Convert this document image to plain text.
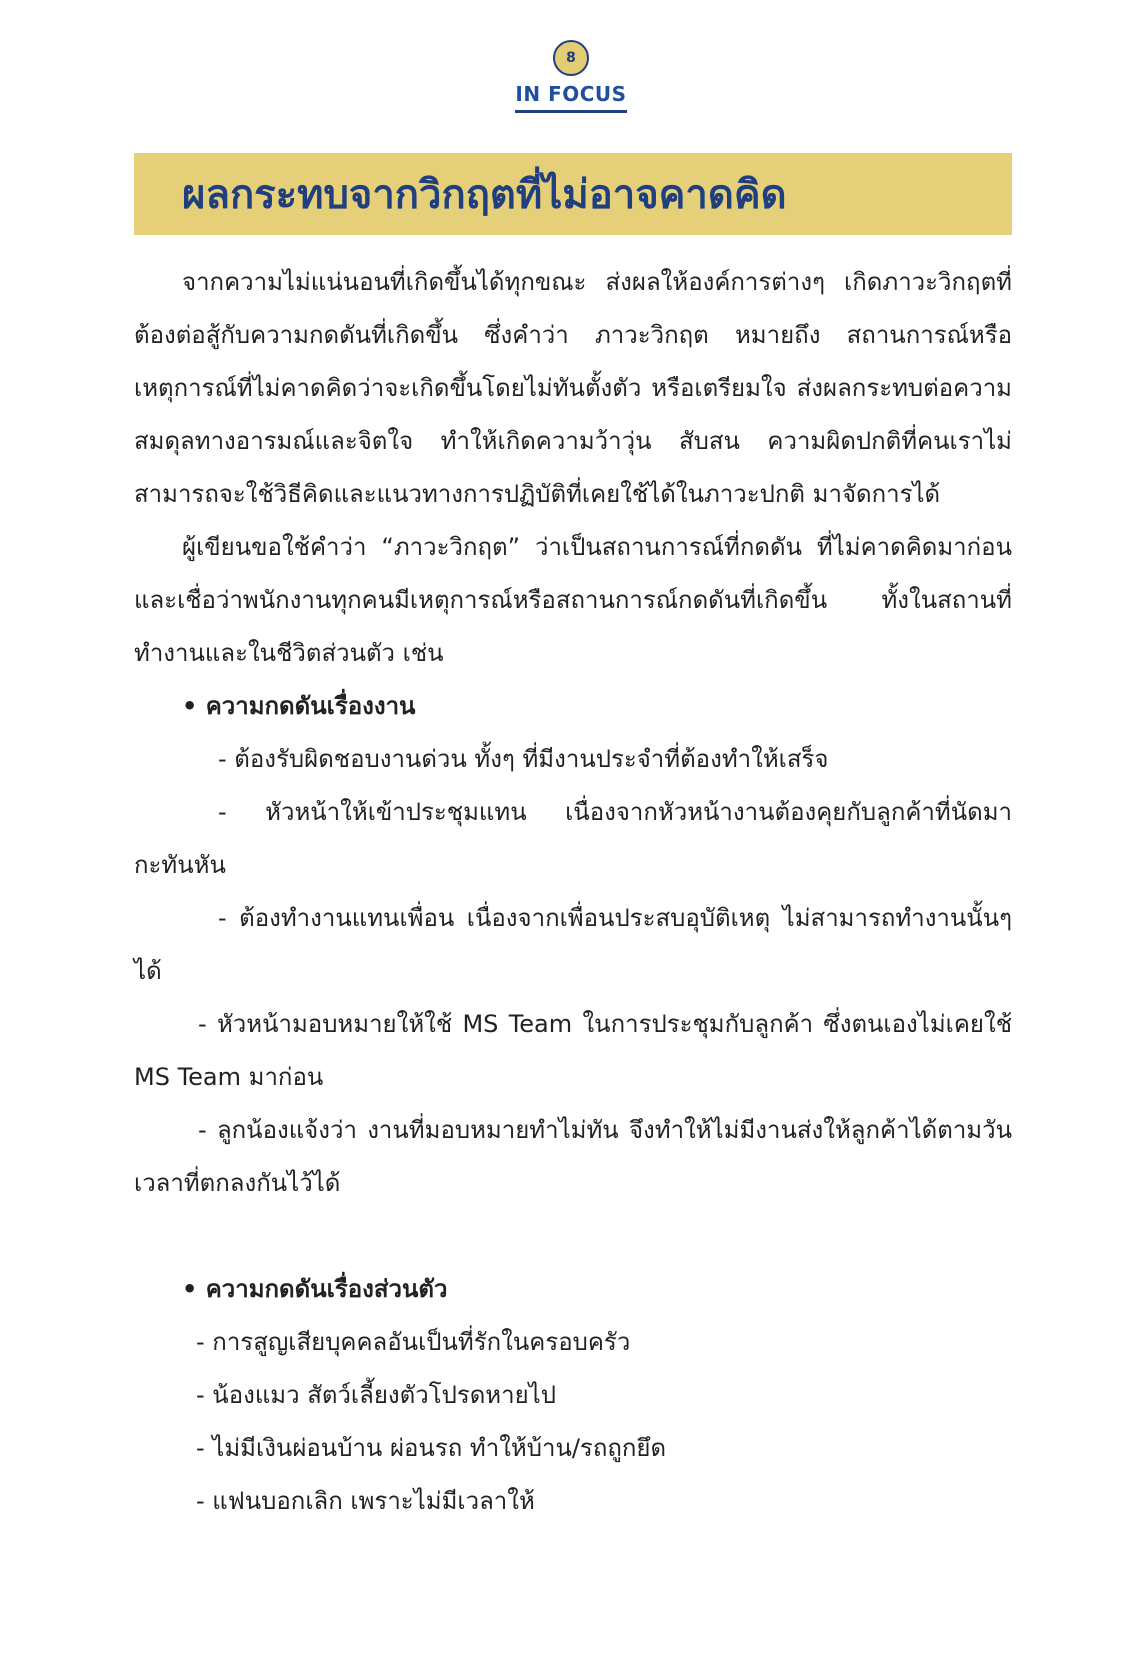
8
IN FOCUS
ผลกระทบจากวิกฤตที่ไม่อาจคาดคิด

จากความไม่แน่นอนที่เกิดขึ้นได้ทุกขณะ ส่งผลให้องค์การต่างๆ เกิดภาวะวิกฤตที่ต้องต่อสู้กับความกดดันที่เกิดขึ้น ซึ่งคำว่า ภาวะวิกฤต หมายถึง สถานการณ์หรือเหตุการณ์ที่ไม่คาดคิดว่าจะเกิดขึ้นโดยไม่ทันตั้งตัว หรือเตรียมใจ ส่งผลกระทบต่อความสมดุลทางอารมณ์และจิตใจ ทำให้เกิดความว้าวุ่น สับสน ความผิดปกติที่คนเราไม่สามารถจะใช้วิธีคิดและแนวทางการปฏิบัติที่เคยใช้ได้ในภาวะปกติ มาจัดการได้

ผู้เขียนขอใช้คำว่า “ภาวะวิกฤต” ว่าเป็นสถานการณ์ที่กดดัน ที่ไม่คาดคิดมาก่อน และเชื่อว่าพนักงานทุกคนมีเหตุการณ์หรือสถานการณ์กดดันที่เกิดขึ้น ทั้งในสถานที่ทำงานและในชีวิตส่วนตัว เช่น

• ความกดดันเรื่องงาน
- ต้องรับผิดชอบงานด่วน ทั้งๆ ที่มีงานประจำที่ต้องทำให้เสร็จ

- หัวหน้าให้เข้าประชุมแทน เนื่องจากหัวหน้างานต้องคุยกับลูกค้าที่นัดมากะทันหัน

- ต้องทำงานแทนเพื่อน เนื่องจากเพื่อนประสบอุบัติเหตุ ไม่สามารถทำงานนั้นๆ ได้

- หัวหน้ามอบหมายให้ใช้ MS Team ในการประชุมกับลูกค้า ซึ่งตนเองไม่เคยใช้ MS Team มาก่อน

- ลูกน้องแจ้งว่า งานที่มอบหมายทำไม่ทัน จึงทำให้ไม่มีงานส่งให้ลูกค้าได้ตามวันเวลาที่ตกลงกันไว้ได้

• ความกดดันเรื่องส่วนตัว
- การสูญเสียบุคคลอันเป็นที่รักในครอบครัว
- น้องแมว สัตว์เลี้ยงตัวโปรดหายไป
- ไม่มีเงินผ่อนบ้าน ผ่อนรถ ทำให้บ้าน/รถถูกยึด
- แฟนบอกเลิก เพราะไม่มีเวลาให้
